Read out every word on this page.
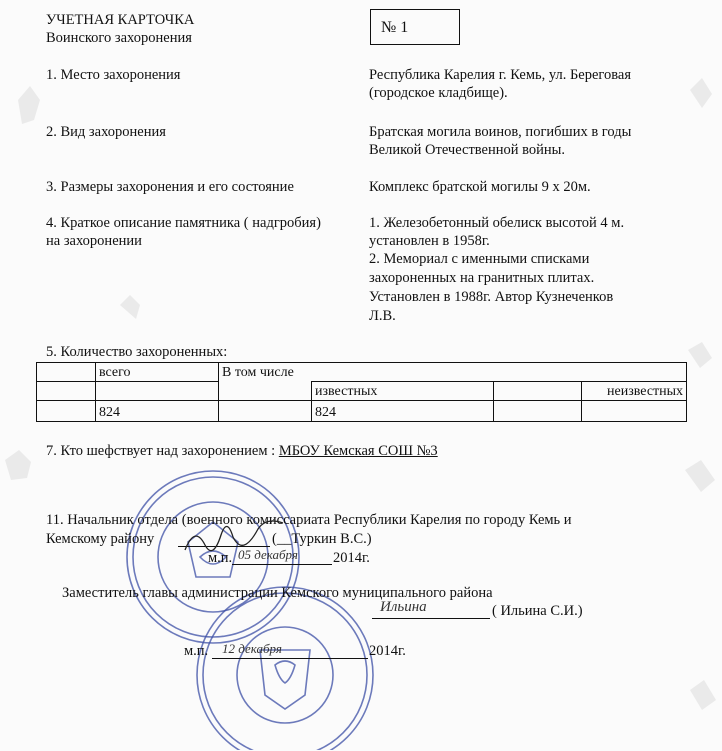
УЧЕТНАЯ КАРТОЧКА
Воинского захоронения
№ 1
1. Место захоронения	Республика Карелия г. Кемь, ул. Береговая
(городское кладбище).
2. Вид захоронения	Братская могила воинов, погибших в годы
Великой Отечественной войны.
3. Размеры захоронения и его состояние	Комплекс братской могилы 9 х 20м.
4. Краткое описание памятника ( надгробия)
на захоронении
1. Железобетонный обелиск высотой 4 м.
установлен в 1958г.
2. Мемориал с именными списками
захороненных на гранитных плитах.
Установлен в 1988г. Автор Кузнеченков
Л.В.
5. Количество захороненных:
	всего	В том числе			
			известных		неизвестных
	824		824		
7. Кто шефствует над захоронением : МБОУ Кемская СОШ №3
11. Начальник отдела (военного комиссариата Республики Карелия по городу Кемь и
Кемскому району	(__Туркин В.С.)
м.п. 05 декабря 2014г.
Заместитель главы администрации Кемского муниципального района
Ильина	( Ильина С.И.)
м.п. 12 декабря	2014г.
